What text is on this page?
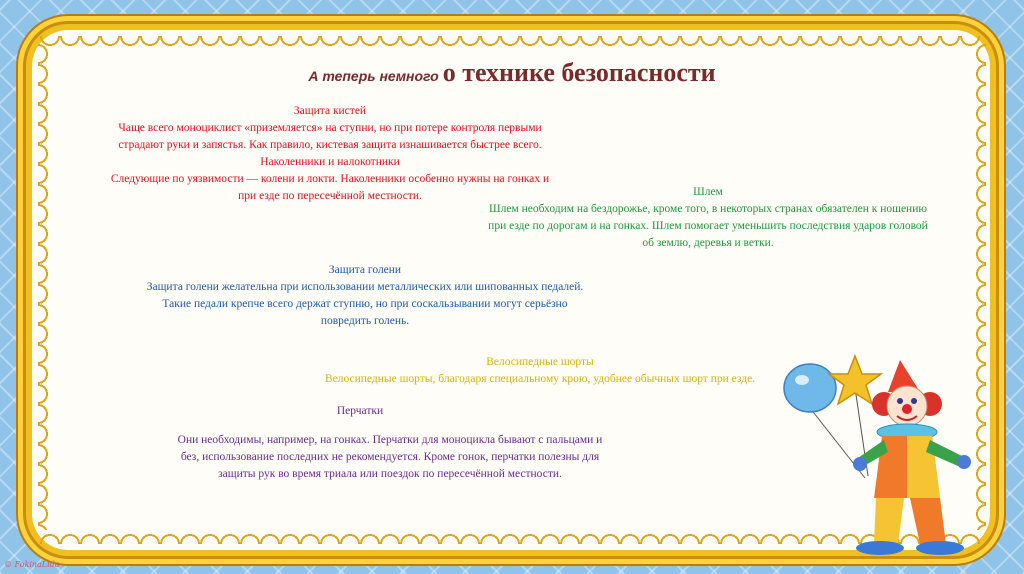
А теперь немного о технике безопасности
Защита кистей
Чаще всего моноциклист «приземляется» на ступни, но при потере контроля первыми
страдают руки и запястья. Как правило, кистевая защита изнашивается быстрее всего.
Наколенники и налокотники
Следующие по уязвимости — колени и локти. Наколенники особенно нужны на гонках и
при езде по пересечённой местности.	Шлем
Шлем необходим на бездорожье, кроме того, в некоторых странах обязателен к ношению
при езде по дорогам и на гонках. Шлем помогает уменьшить последствия ударов головой
об землю, деревья и ветки.
Защита голени
Защита голени желательна при использовании металлических или шипованных педалей.
Такие педали крепче всего держат ступню, но при соскальзывании могут серьёзно
повредить голень.
Велосипедные шорты
Велосипедные шорты, благодаря специальному крою, удобнее обычных шорт при езде.
Перчатки
Они необходимы, например, на гонках. Перчатки для моноцикла бывают с пальцами и
без, использование последних не рекомендуется. Кроме гонок, перчатки полезны для
защиты рук во время триала или поездок по пересечённой местности.
© FokinaLida
